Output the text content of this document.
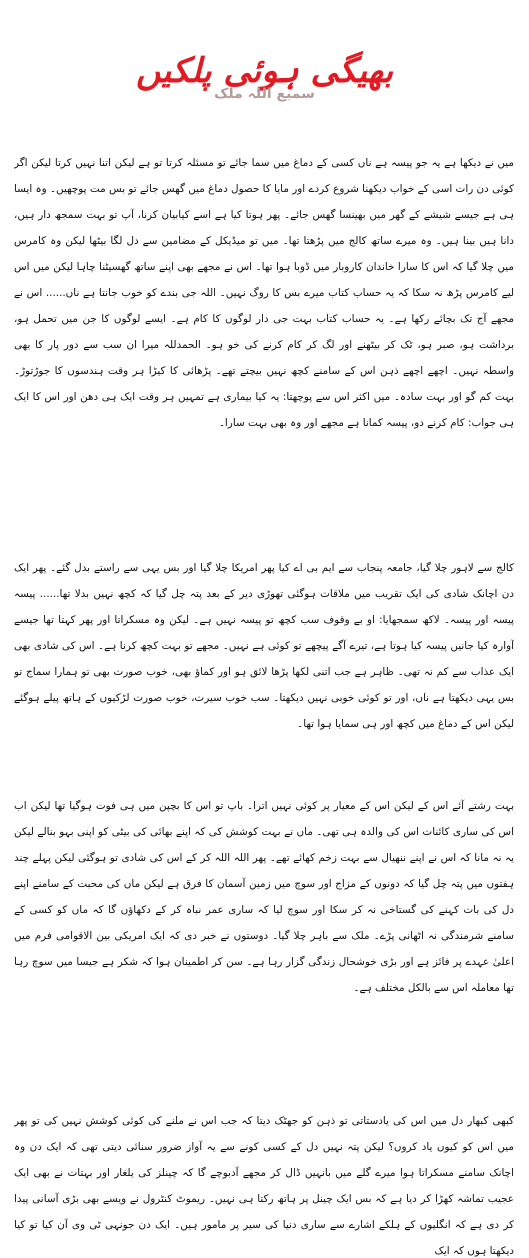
بھیگی ہوئی پلکیں
سمیع اللہ ملک

میں نے دیکھا ہے یہ جو پیسہ ہے ناں کسی کے دماغ میں سما جائے تو مسئلہ کرتا تو ہے لیکن اتنا نہیں کرتا لیکن اگر کوئی دن رات اسی کے خواب دیکھنا شروع کردے اور مایا کا حصول دماغ میں گھس جائے تو بس مت پوچھیں۔ وہ ایسا ہی ہے جیسے شیشے کے گھر میں بھینسا گھس جائے۔ پھر ہوتا کیا ہے اسے کیابیان کرنا، آپ تو بہت سمجھ دار ہیں، دانا ہیں بینا ہیں۔ وہ میرے ساتھ کالج میں پڑھتا تھا۔ میں تو میڈیکل کے مضامین سے دل لگا بیٹھا لیکن وہ کامرس میں چلا گیا کہ اس کا سارا خاندان کاروبار میں ڈوبا ہوا تھا۔ اس نے مجھے بھی اپنے ساتھ گھسیٹنا چاہا لیکن میں اس لیے کامرس پڑھ نہ سکا کہ یہ حساب کتاب میرے بس کا روگ نہیں۔ اللہ جی بندے کو خوب جانتا ہے ناں...... اس نے مجھے آج تک بچائے رکھا ہے۔ یہ حساب کتاب بہت جی دار لوگوں کا کام ہے۔ ایسے لوگوں کا جن میں تحمل ہو، برداشت ہو، صبر ہو، ٹک کر بیٹھنے اور لگ کر کام کرنے کی خو ہو۔ الحمدللہ میرا ان سب سے دور پار کا بھی واسطہ نہیں۔ اچھے اچھے ذہن اس کے سامنے کچھ نہیں بیچتے تھے۔ پڑھائی کا کیڑا ہر وقت ہندسوں کا جوڑتوڑ۔ بہت کم گو اور بہت سادہ۔ میں اکثر اس سے پوچھتا: یہ کیا بیماری ہے تمہیں ہر وقت ایک ہی دھن اور اس کا ایک ہی جواب: کام کرنے دو، پیسہ کمانا ہے مجھے اور وہ بھی بہت سارا۔

کالج سے لاہور چلا گیا، جامعہ پنجاب سے ایم بی اے کیا پھر امریکا چلا گیا اور بس یہی سے راستے بدل گئے۔ پھر ایک دن اچانک شادی کی ایک تقریب میں ملاقات ہوگئی تھوڑی دیر کے بعد پتہ چل گیا کہ کچھ نہیں بدلا تھا...... پیسہ پیسہ اور پیسہ۔ لاکھ سمجھایا: او بے وقوف سب کچھ تو پیسہ نہیں ہے۔ لیکن وہ مسکراتا اور پھر کہتا تھا جیسے آوارہ کیا جانیں پیسہ کیا ہوتا ہے، تیرے آگے پیچھے تو کوئی ہے نہیں۔ مجھے تو بہت کچھ کرنا ہے۔ اس کی شادی بھی ایک عذاب سے کم نہ تھی۔ ظاہر ہے جب اتنی لکھا پڑھا لائق ہو اور کماؤ بھی، خوب صورت بھی تو ہمارا سماج تو بس یہی دیکھتا ہے ناں، اور تو کوئی خوبی نہیں دیکھتا۔ سب خوب سیرت، خوب صورت لڑکیوں کے ہاتھ پیلے ہوگئے لیکن اس کے دماغ میں کچھ اور ہی سمایا ہوا تھا۔

بہت رشتے آئے اس کے لیکن اس کے معیار پر کوئی نہیں اترا۔ باپ تو اس کا بچپن میں ہی فوت ہوگیا تھا لیکن اب اس کی ساری کائنات اس کی والدہ ہی تھی۔ ماں نے بہت کوشش کی کہ اپنے بھائی کی بیٹی کو اپنی بہو بنالے لیکن یہ نہ مانا کہ اس نے اپنے ننھیال سے بہت زخم کھائے تھے۔ پھر اللہ اللہ کر کے اس کی شادی تو ہوگئی لیکن پہلے چند ہفتوں میں پتہ چل گیا کہ دونوں کے مزاج اور سوچ میں زمین آسمان کا فرق ہے لیکن ماں کی محبت کے سامنے اپنے دل کی بات کہنے کی گستاخی نہ کر سکا اور سوچ لیا کہ ساری عمر نباہ کر کے دکھاؤں گا کہ ماں کو کسی کے سامنے شرمندگی نہ اٹھانی پڑے۔ ملک سے باہر چلا گیا۔ دوستوں نے خبر دی کہ ایک امریکی بین الاقوامی فرم میں اعلیٰ عہدے پر فائز ہے اور بڑی خوشحال زندگی گزار رہا ہے۔ سن کر اطمینان ہوا کہ شکر ہے جیسا میں سوچ رہا تھا معاملہ اس سے بالکل مختلف ہے۔

کبھی کبھار دل میں اس کی یادستاتی تو ذہن کو جھٹک دیتا کہ جب اس نے ملنے کی کوئی کوشش نہیں کی تو پھر میں اس کو کیوں یاد کروں؟ لیکن پتہ نہیں دل کے کسی کونے سے یہ آواز ضرور سنائی دیتی تھی کہ ایک دن وہ اچانک سامنے مسکراتا ہوا میرے گلے میں بانہیں ڈال کر مجھے آدبوچے گا کہ چینلز کی یلغار اور بہتات نے بھی ایک عجیب تماشہ کھڑا کر دیا ہے کہ بس ایک چینل پر ہاتھ رکتا ہی نہیں۔ ریموٹ کنٹرول نے ویسے بھی بڑی آسانی پیدا کر دی ہے کہ انگلیوں کے ہلکے اشارے سے ساری دنیا کی سیر پر مامور ہیں۔ ایک دن جونہی ٹی وی آن کیا تو کیا دیکھتا ہوں کہ ایک
